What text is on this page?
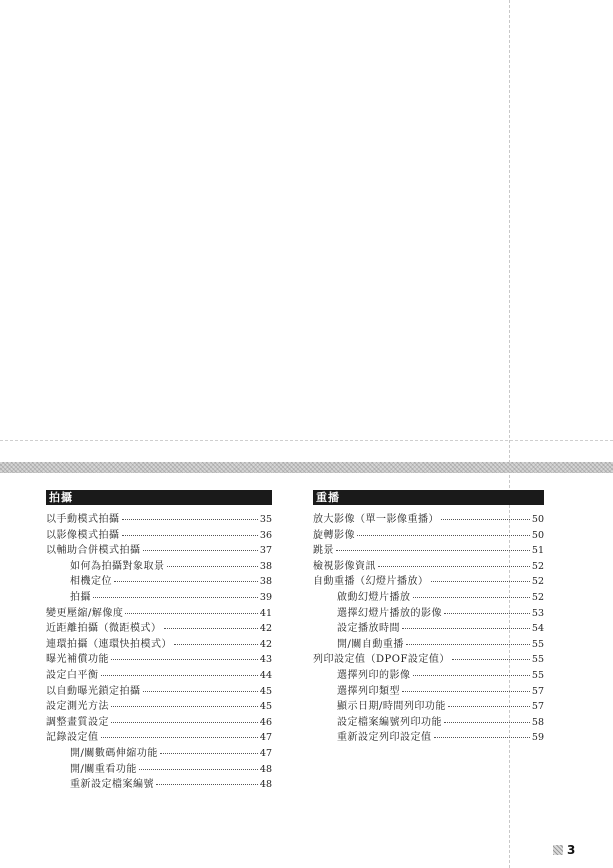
拍攝
以手動模式拍攝	35
以影像模式拍攝	36
以輔助合併模式拍攝	37
如何為拍攝對象取景	38
相機定位	38
拍攝	39
變更壓縮/解像度	41
近距離拍攝（微距模式）	42
連環拍攝（連環快拍模式）	42
曝光補償功能	43
設定白平衡	44
以自動曝光鎖定拍攝	45
設定測光方法	45
調整畫質設定	46
記錄設定值	47
開/關數碼伸縮功能	47
開/關重看功能	48
重新設定檔案編號	48
重播
放大影像（單一影像重播）	50
旋轉影像	50
跳景	51
檢視影像資訊	52
自動重播（幻燈片播放）	52
啟動幻燈片播放	52
選擇幻燈片播放的影像	53
設定播放時間	54
開/關自動重播	55
列印設定值（DPOF設定值）	55
選擇列印的影像	55
選擇列印類型	57
顯示日期/時間列印功能	57
設定檔案編號列印功能	58
重新設定列印設定值	59
3
